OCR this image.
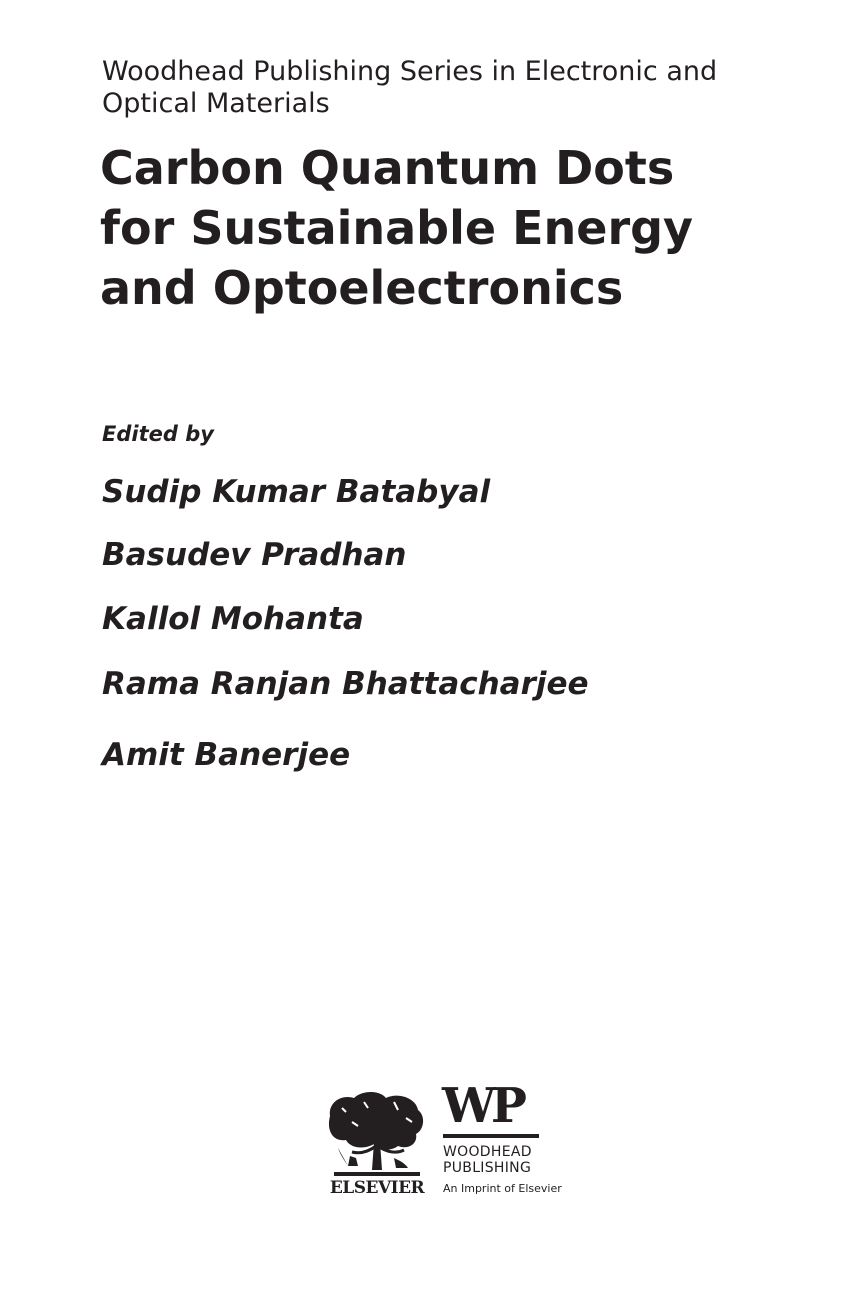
Woodhead Publishing Series in Electronic and
Optical Materials
Carbon Quantum Dots
for Sustainable Energy
and Optoelectronics
Edited by
Sudip Kumar Batabyal
Basudev Pradhan
Kallol Mohanta
Rama Ranjan Bhattacharjee
Amit Banerjee
ELSEVIER
WP
WOODHEAD
PUBLISHING
An Imprint of Elsevier
